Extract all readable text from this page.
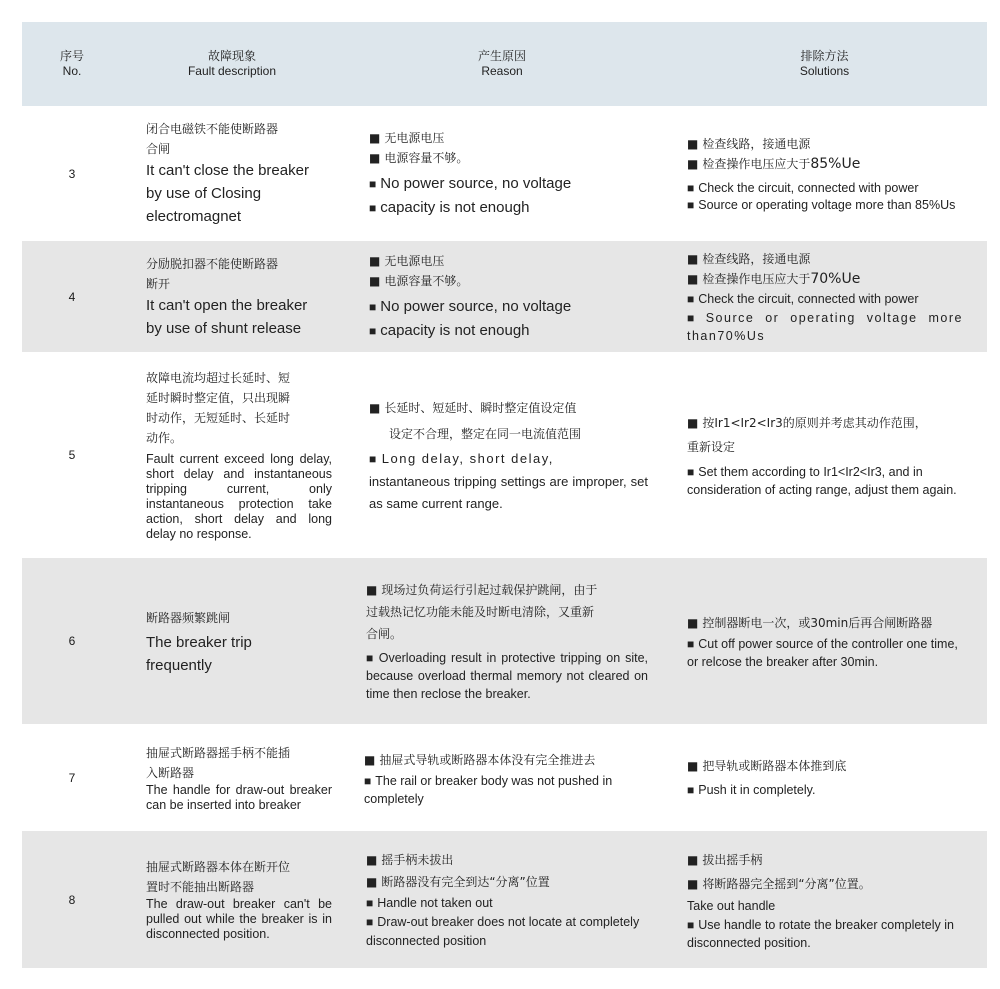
序号
No.
故障现象
Fault description
产生原因
Reason
排除方法
Solutions
3
闭合电磁铁不能使断路器
合闸
It can't close the breaker
by use of Closing
electromagnet
■ 无电源电压
■ 电源容量不够。
■ No power source, no voltage
■ capacity is not enough
■ 检查线路，接通电源
■ 检查操作电压应大于85%Ue
■ Check the circuit, connected with power
■ Source or operating voltage more than 85%Us
4
分励脱扣器不能使断路器
断开
It can't open the breaker
by use of shunt release
■ 无电源电压
■ 电源容量不够。
■ No power source, no voltage
■ capacity is not enough
■ 检查线路，接通电源
■ 检查操作电压应大于70%Ue
■ Check the circuit, connected with power
■ Source or operating voltage more than70%Us
5
故障电流均超过长延时、短
延时瞬时整定值，只出现瞬
时动作，无短延时、长延时
动作。
Fault current exceed long delay, short delay and instantaneous tripping current, only instantaneous protection take action, short delay and long delay no response.
■ 长延时、短延时、瞬时整定值设定值
设定不合理，整定在同一电流值范围
■ Long delay, short delay,
instantaneous tripping settings are improper, set as same current range.
■ 按Ir1<Ir2<Ir3的原则并考虑其动作范围，
重新设定
■ Set them according to Ir1<Ir2<Ir3, and in consideration of acting range, adjust them again.
6
断路器频繁跳闸
The breaker trip
frequently
■ 现场过负荷运行引起过载保护跳闸，由于
过载热记忆功能未能及时断电清除，又重新
合闸。
■ Overloading result in protective tripping on site, because overload thermal memory not cleared on time then reclose the breaker.
■ 控制器断电一次，或30min后再合闸断路器
■ Cut off power source of the controller one time, or relcose the breaker after 30min.
7
抽屉式断路器摇手柄不能插
入断路器
The handle for draw-out breaker can be inserted into breaker
■ 抽屉式导轨或断路器本体没有完全推进去
■ The rail or breaker body was not pushed in completely
■ 把导轨或断路器本体推到底
■ Push it in completely.
8
抽屉式断路器本体在断开位
置时不能抽出断路器
The draw-out breaker can't be pulled out while the breaker is in disconnected position.
■ 摇手柄未拔出
■ 断路器没有完全到达“分离”位置
■ Handle not taken out
■ Draw-out breaker does not locate at completely disconnected position
■ 拔出摇手柄
■ 将断路器完全摇到“分离”位置。
Take out handle
■ Use handle to rotate the breaker completely in disconnected position.
